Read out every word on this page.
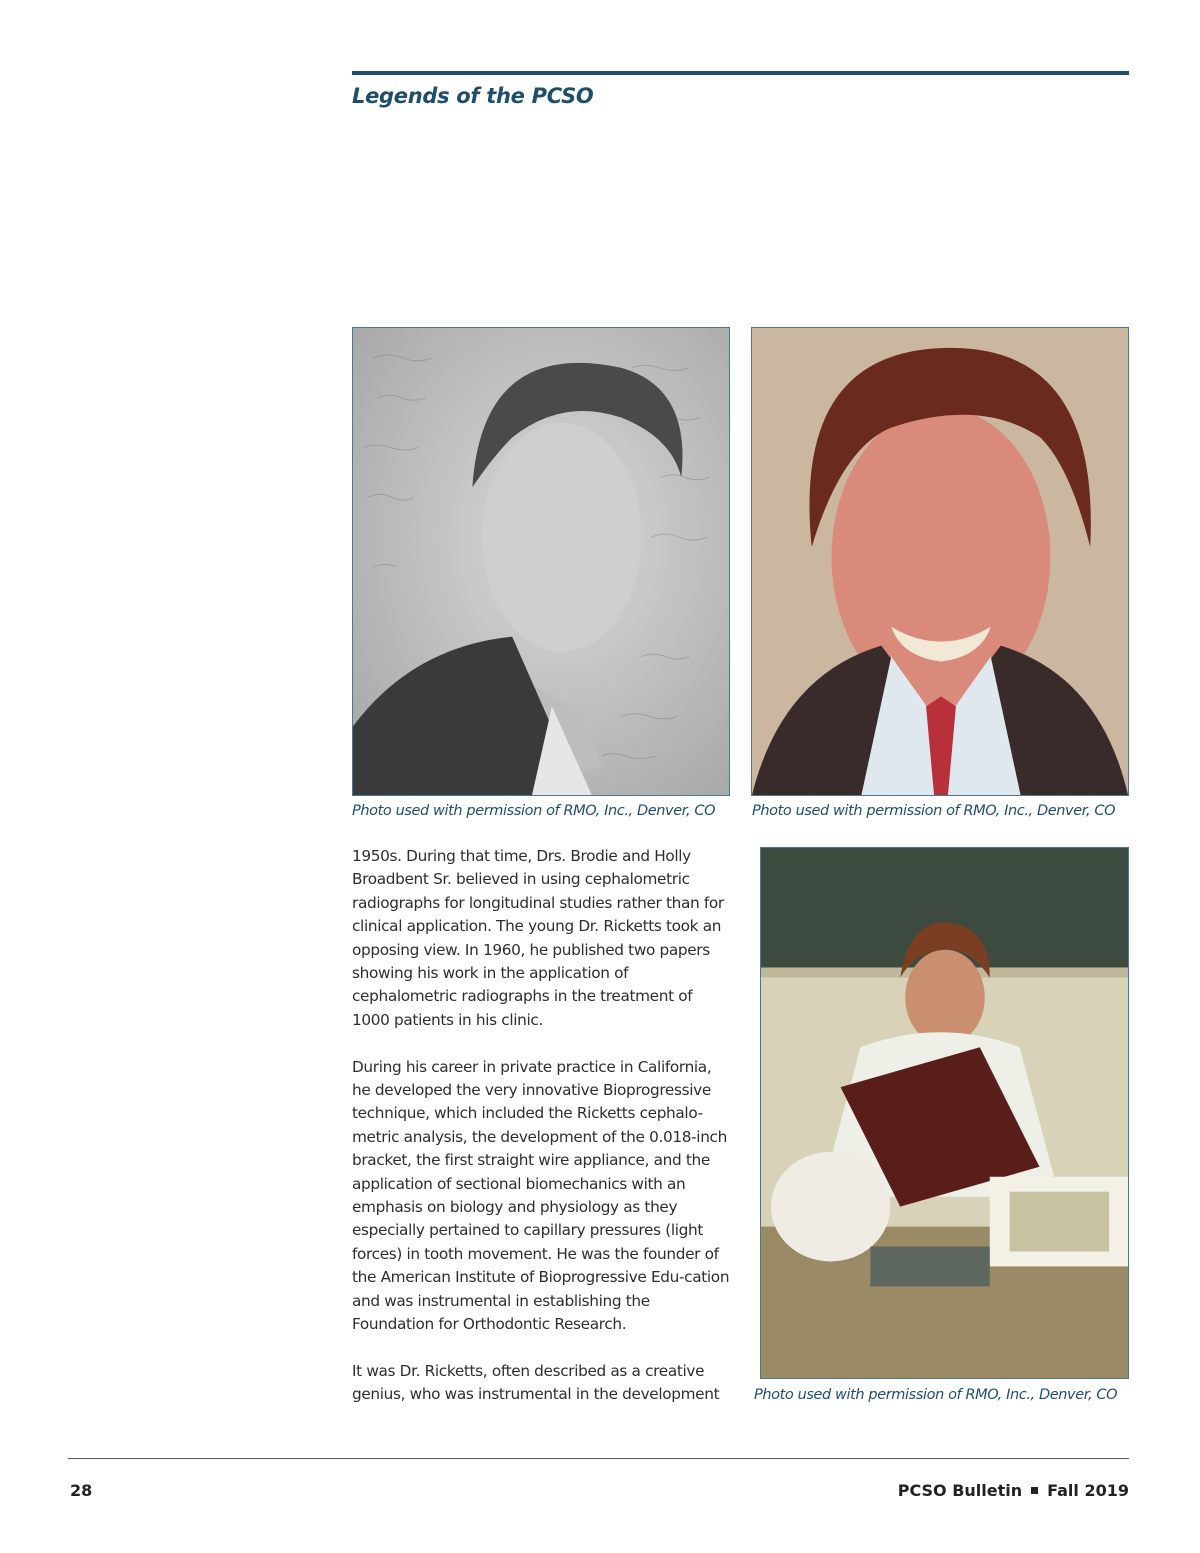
Legends of the PCSO
Photo used with permission of RMO, Inc., Denver, CO	Photo used with permission of RMO, Inc., Denver, CO

1950s. During that time, Drs. Brodie and Holly Broadbent Sr. believed in using cephalometric radiographs for longitudinal studies rather than for clinical application. The young Dr. Ricketts took an opposing view. In 1960, he published two papers showing his work in the application of cephalometric radiographs in the treatment of 1000 patients in his clinic.

During his career in private practice in California, he developed the very innovative Bioprogressive technique, which included the Ricketts cephalo-metric analysis, the development of the 0.018-inch bracket, the first straight wire appliance, and the application of sectional biomechanics with an emphasis on biology and physiology as they especially pertained to capillary pressures (light forces) in tooth movement. He was the founder of the American Institute of Bioprogressive Edu-cation and was instrumental in establishing the Foundation for Orthodontic Research.

It was Dr. Ricketts, often described as a creative genius, who was instrumental in the development	Photo used with permission of RMO, Inc., Denver, CO
28	PCSO Bulletin Fall 2019
